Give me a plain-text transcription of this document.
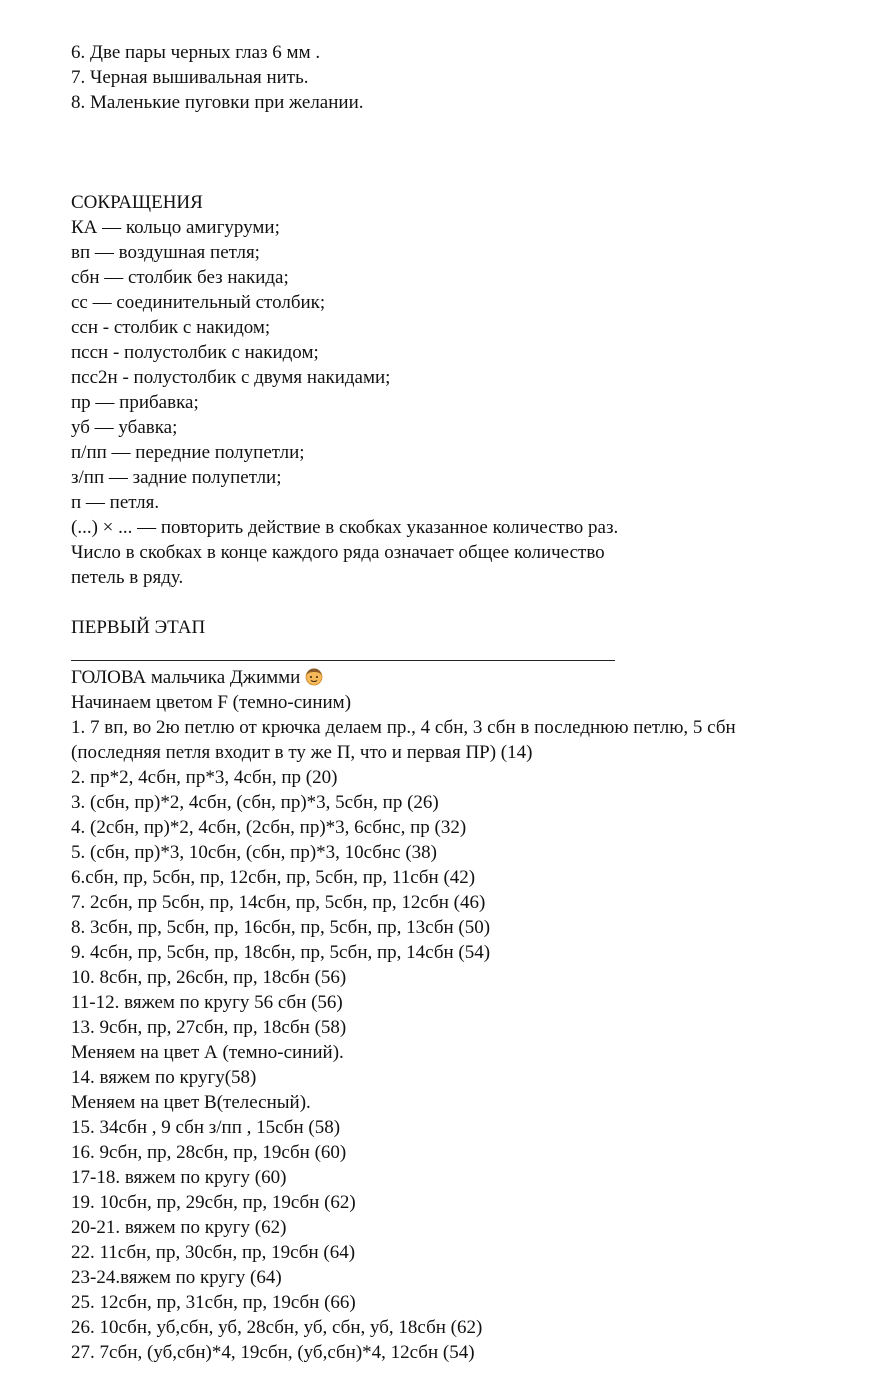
6. Две пары черных глаз 6 мм .
7. Черная вышивальная нить.
8. Маленькие пуговки при желании.
СОКРАЩЕНИЯ
КА — кольцо амигуруми;
вп — воздушная петля;
сбн — столбик без накида;
сс — соединительный столбик;
ссн - столбик с накидом;
пссн - полустолбик с накидом;
псс2н - полустолбик с двумя накидами;
пр — прибавка;
уб — убавка;
п/пп — передние полупетли;
з/пп — задние полупетли;
п — петля.
(...) × ... — повторить действие в скобках указанное количество раз.
Число в скобках в конце каждого ряда означает общее количество
петель в ряду.
ПЕРВЫЙ ЭТАП
ГОЛОВА мальчика Джимми
Начинаем цветом F (темно-синим)
1. 7 вп, во 2ю петлю от крючка делаем пр., 4 сбн, 3 сбн в последнюю петлю, 5 сбн
(последняя петля входит в ту же П, что и первая ПР) (14)
2. пр*2, 4сбн, пр*3, 4сбн, пр (20)
3. (сбн, пр)*2, 4сбн, (сбн, пр)*3, 5сбн, пр (26)
4. (2сбн, пр)*2, 4сбн, (2сбн, пр)*3, 6сбнс, пр (32)
5. (сбн, пр)*3, 10сбн, (сбн, пр)*3, 10сбнс (38)
6.сбн, пр, 5сбн, пр, 12сбн, пр, 5сбн, пр, 11сбн (42)
7. 2сбн, пр 5сбн, пр, 14сбн, пр, 5сбн, пр, 12сбн (46)
8. 3сбн, пр, 5сбн, пр, 16сбн, пр, 5сбн, пр, 13сбн (50)
9. 4сбн, пр, 5сбн, пр, 18сбн, пр, 5сбн, пр, 14сбн (54)
10. 8сбн, пр, 26сбн, пр, 18сбн (56)
11-12. вяжем по кругу 56 сбн (56)
13. 9сбн, пр, 27сбн, пр, 18сбн (58)
Меняем на цвет А (темно-синий).
14. вяжем по кругу(58)
Меняем на цвет В(телесный).
15. 34сбн , 9 сбн з/пп , 15сбн (58)
16. 9сбн, пр, 28сбн, пр, 19сбн (60)
17-18. вяжем по кругу (60)
19. 10сбн, пр, 29сбн, пр, 19сбн (62)
20-21. вяжем по кругу (62)
22. 11сбн, пр, 30сбн, пр, 19сбн (64)
23-24.вяжем по кругу (64)
25. 12сбн, пр, 31сбн, пр, 19сбн (66)
26. 10сбн, уб,сбн, уб, 28сбн, уб, сбн, уб, 18сбн (62)
27. 7сбн, (уб,сбн)*4, 19сбн, (уб,сбн)*4, 12сбн (54)
